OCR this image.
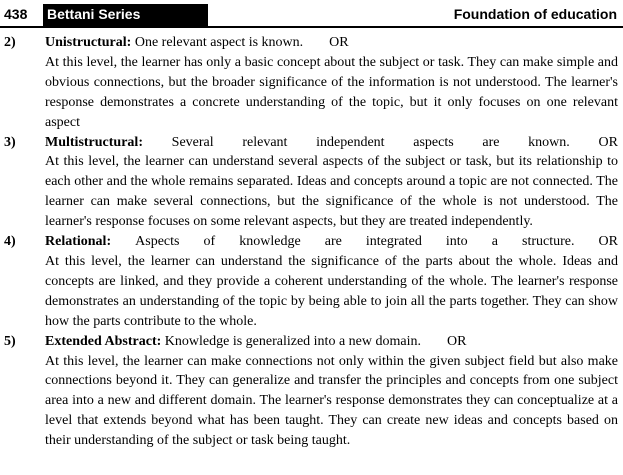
438 Bettani Series	Foundation of education
2) Unistructural: One relevant aspect is known. OR
At this level, the learner has only a basic concept about the subject or task. They can make simple and obvious connections, but the broader significance of the information is not understood. The learner's response demonstrates a concrete understanding of the topic, but it only focuses on one relevant aspect
3) Multistructural: Several relevant independent aspects are known. OR
At this level, the learner can understand several aspects of the subject or task, but its relationship to each other and the whole remains separated. Ideas and concepts around a topic are not connected. The learner can make several connections, but the significance of the whole is not understood. The learner's response focuses on some relevant aspects, but they are treated independently.
4) Relational: Aspects of knowledge are integrated into a structure. OR
At this level, the learner can understand the significance of the parts about the whole. Ideas and concepts are linked, and they provide a coherent understanding of the whole. The learner's response demonstrates an understanding of the topic by being able to join all the parts together. They can show how the parts contribute to the whole.
5) Extended Abstract: Knowledge is generalized into a new domain. OR
At this level, the learner can make connections not only within the given subject field but also make connections beyond it. They can generalize and transfer the principles and concepts from one subject area into a new and different domain. The learner's response demonstrates they can conceptualize at a level that extends beyond what has been taught. They can create new ideas and concepts based on their understanding of the subject or task being taught.
